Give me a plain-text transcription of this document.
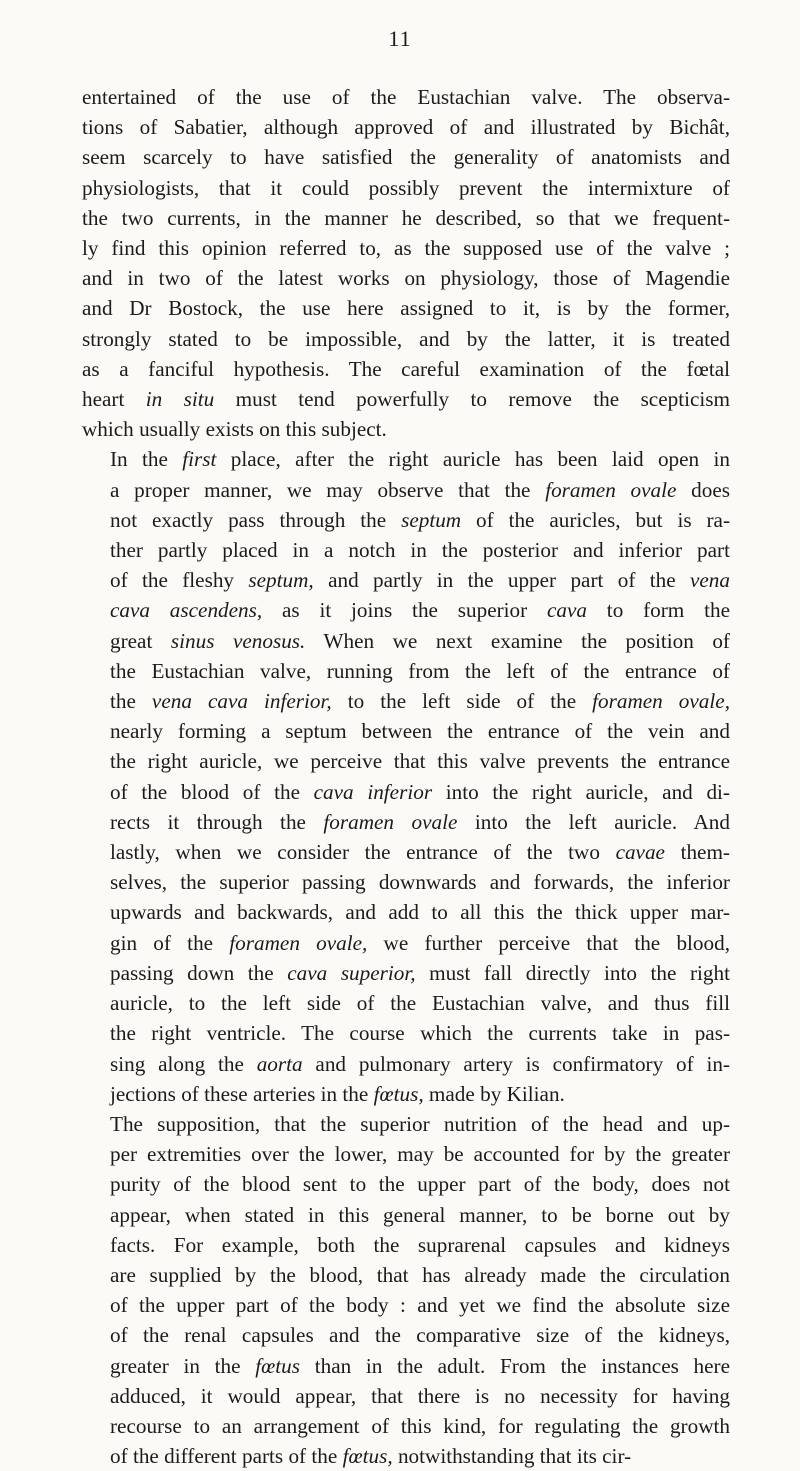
11
entertained of the use of the Eustachian valve. The observa-
tions of Sabatier, although approved of and illustrated by Bichât,
seem scarcely to have satisfied the generality of anatomists and
physiologists, that it could possibly prevent the intermixture of
the two currents, in the manner he described, so that we frequent-
ly find this opinion referred to, as the supposed use of the valve ;
and in two of the latest works on physiology, those of Magendie
and Dr Bostock, the use here assigned to it, is by the former,
strongly stated to be impossible, and by the latter, it is treated
as a fanciful hypothesis. The careful examination of the fœtal
heart in situ must tend powerfully to remove the scepticism
which usually exists on this subject.
In the first place, after the right auricle has been laid open in
a proper manner, we may observe that the foramen ovale does
not exactly pass through the septum of the auricles, but is ra-
ther partly placed in a notch in the posterior and inferior part
of the fleshy septum, and partly in the upper part of the vena
cava ascendens, as it joins the superior cava to form the
great sinus venosus. When we next examine the position of
the Eustachian valve, running from the left of the entrance of
the vena cava inferior, to the left side of the foramen ovale,
nearly forming a septum between the entrance of the vein and
the right auricle, we perceive that this valve prevents the entrance
of the blood of the cava inferior into the right auricle, and di-
rects it through the foramen ovale into the left auricle. And
lastly, when we consider the entrance of the two cavae them-
selves, the superior passing downwards and forwards, the inferior
upwards and backwards, and add to all this the thick upper mar-
gin of the foramen ovale, we further perceive that the blood,
passing down the cava superior, must fall directly into the right
auricle, to the left side of the Eustachian valve, and thus fill
the right ventricle. The course which the currents take in pas-
sing along the aorta and pulmonary artery is confirmatory of in-
jections of these arteries in the fœtus, made by Kilian.
The supposition, that the superior nutrition of the head and up-
per extremities over the lower, may be accounted for by the greater
purity of the blood sent to the upper part of the body, does not
appear, when stated in this general manner, to be borne out by
facts. For example, both the suprarenal capsules and kidneys
are supplied by the blood, that has already made the circulation
of the upper part of the body : and yet we find the absolute size
of the renal capsules and the comparative size of the kidneys,
greater in the fœtus than in the adult. From the instances here
adduced, it would appear, that there is no necessity for having
recourse to an arrangement of this kind, for regulating the growth
of the different parts of the fœtus, notwithstanding that its cir-
